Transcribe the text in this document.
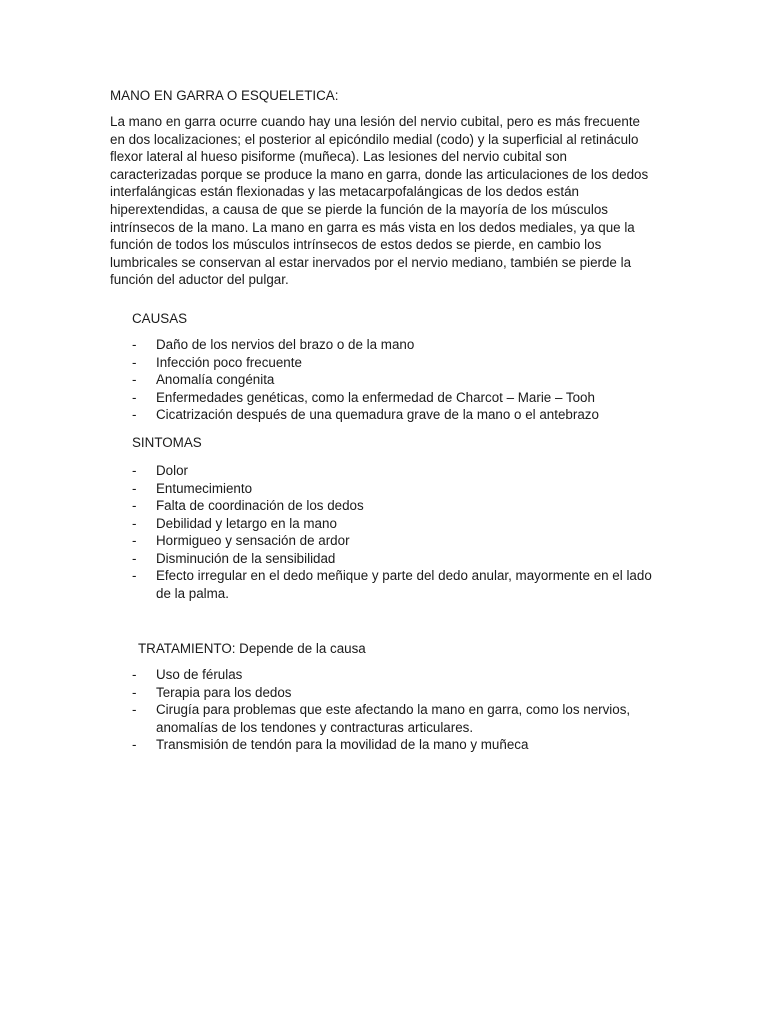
MANO EN GARRA O ESQUELETICA:

La mano en garra ocurre cuando hay una lesión del nervio cubital, pero es más frecuente en dos localizaciones; el posterior al epicóndilo medial (codo) y la superficial al retináculo flexor lateral al hueso pisiforme (muñeca). Las lesiones del nervio cubital son caracterizadas porque se produce la mano en garra, donde las articulaciones de los dedos interfalángicas están flexionadas y las metacarpofalángicas de los dedos están hiperextendidas, a causa de que se pierde la función de la mayoría de los músculos intrínsecos de la mano. La mano en garra es más vista en los dedos mediales, ya que la función de todos los músculos intrínsecos de estos dedos se pierde, en cambio los lumbricales se conservan al estar inervados por el nervio mediano, también se pierde la función del aductor del pulgar.

CAUSAS
- Daño de los nervios del brazo o de la mano
- Infección poco frecuente
- Anomalía congénita
- Enfermedades genéticas, como la enfermedad de Charcot – Marie – Tooh
- Cicatrización después de una quemadura grave de la mano o el antebrazo
SINTOMAS
- Dolor
- Entumecimiento
- Falta de coordinación de los dedos
- Debilidad y letargo en la mano
- Hormigueo y sensación de ardor
- Disminución de la sensibilidad
- Efecto irregular en el dedo meñique y parte del dedo anular, mayormente en el lado de la palma.
TRATAMIENTO: Depende de la causa
- Uso de férulas
- Terapia para los dedos
- Cirugía para problemas que este afectando la mano en garra, como los nervios, anomalías de los tendones y contracturas articulares.
- Transmisión de tendón para la movilidad de la mano y muñeca
